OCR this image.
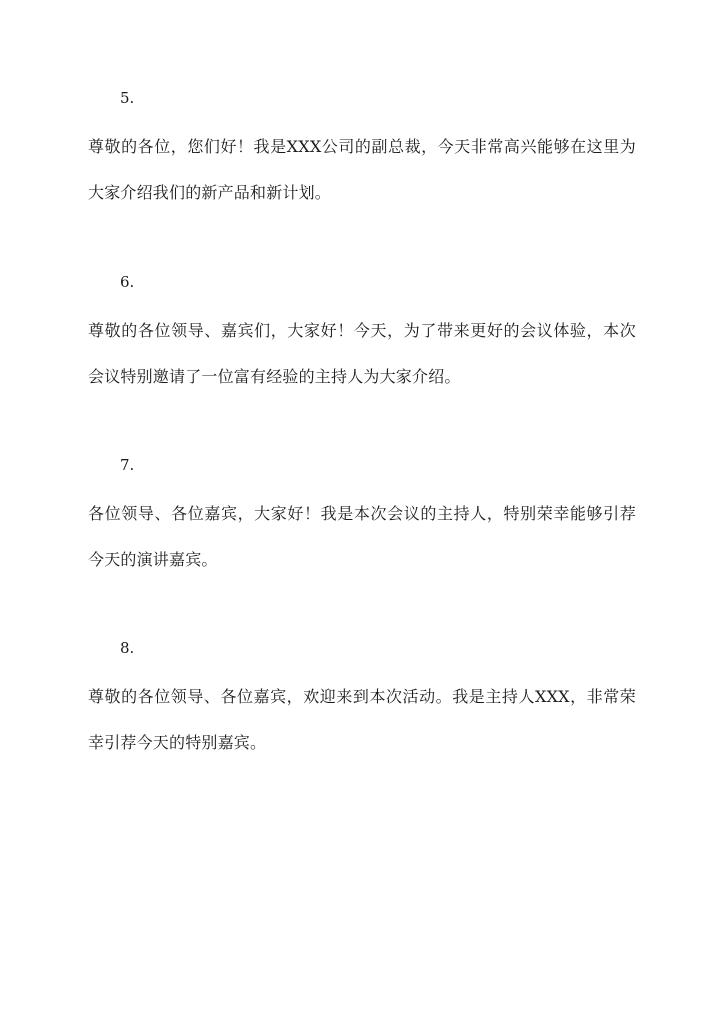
5.
尊敬的各位，您们好！我是XXX公司的副总裁，今天非常高兴能够在这里为大家介绍我们的新产品和新计划。
6.
尊敬的各位领导、嘉宾们，大家好！今天，为了带来更好的会议体验，本次会议特别邀请了一位富有经验的主持人为大家介绍。
7.
各位领导、各位嘉宾，大家好！我是本次会议的主持人，特别荣幸能够引荐今天的演讲嘉宾。
8.
尊敬的各位领导、各位嘉宾，欢迎来到本次活动。我是主持人XXX，非常荣幸引荐今天的特别嘉宾。
